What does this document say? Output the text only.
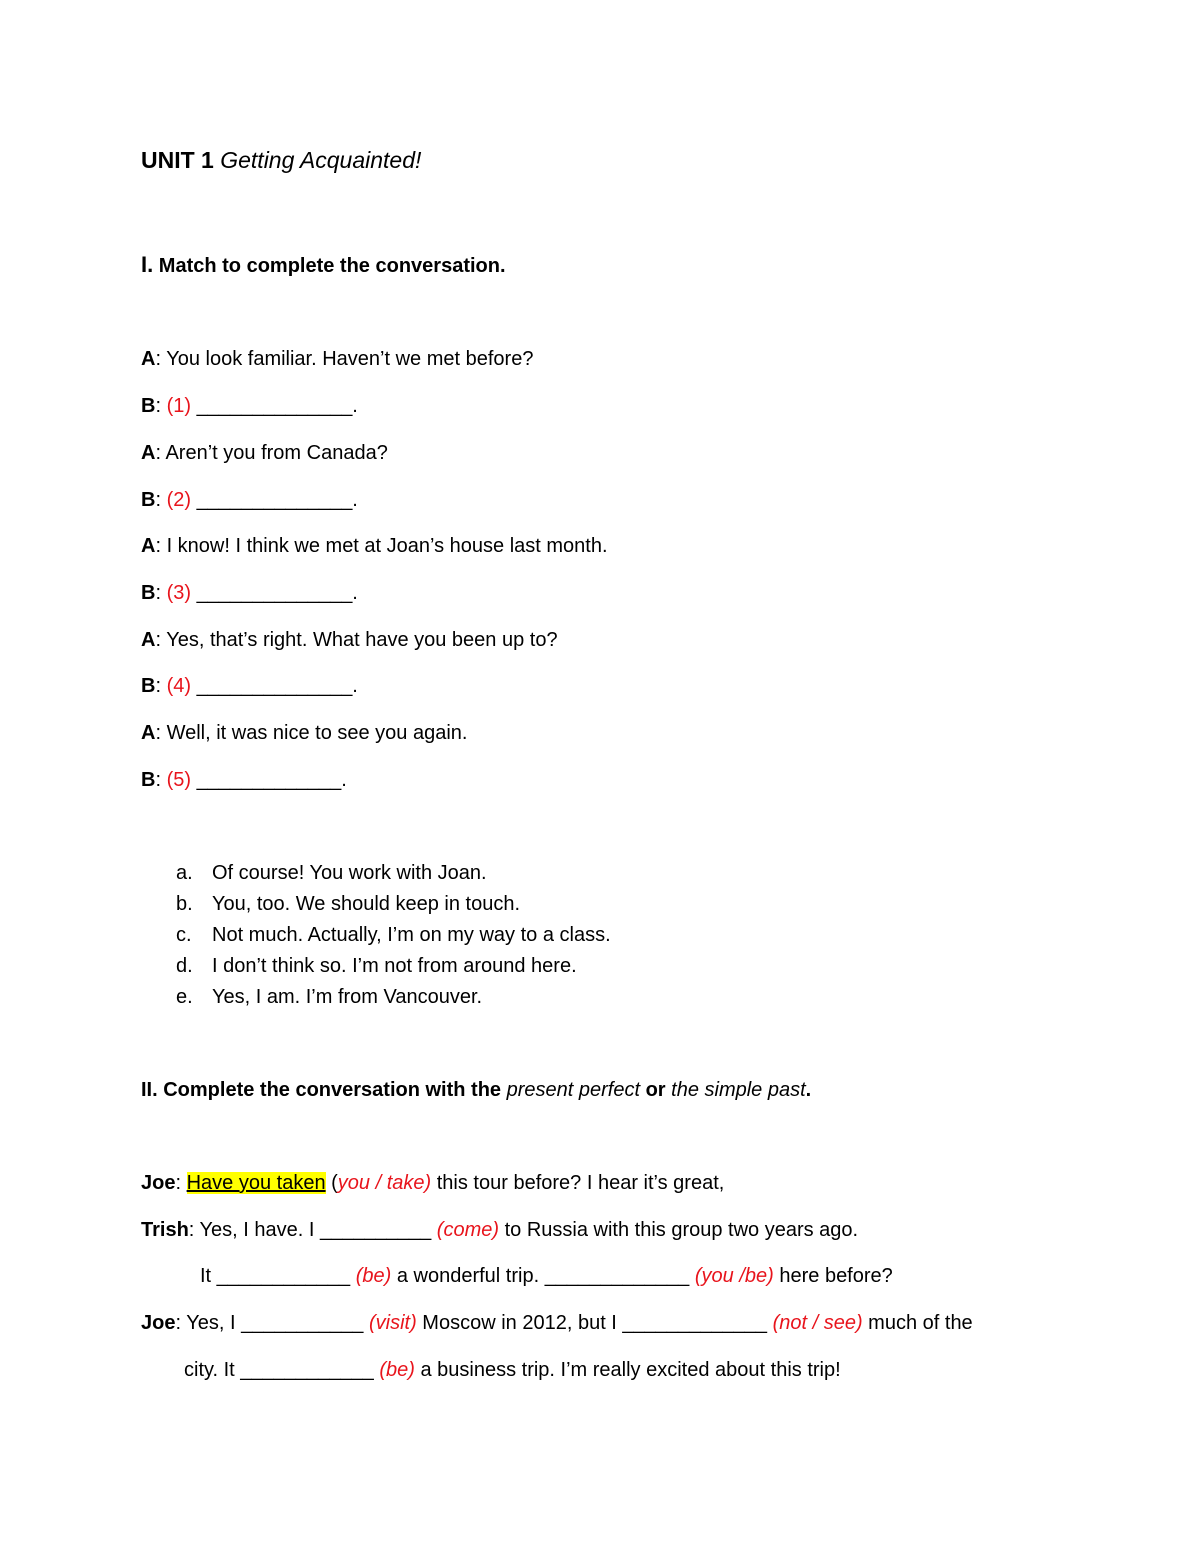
UNIT 1 Getting Acquainted!
I. Match to complete the conversation.
A: You look familiar. Haven’t we met before?
B: (1) ______________.
A: Aren’t you from Canada?
B: (2) ______________.
A: I know! I think we met at Joan’s house last month.
B: (3) ______________.
A: Yes, that’s right. What have you been up to?
B: (4) ______________.
A: Well, it was nice to see you again.
B: (5) _____________.
a. Of course! You work with Joan.
b. You, too. We should keep in touch.
c. Not much. Actually, I’m on my way to a class.
d. I don’t think so. I’m not from around here.
e. Yes, I am. I’m from Vancouver.
II. Complete the conversation with the present perfect or the simple past.
Joe: Have you taken (you / take) this tour before? I hear it’s great,
Trish: Yes, I have. I __________ (come) to Russia with this group two years ago.
It ____________ (be) a wonderful trip. _____________ (you /be) here before?
Joe: Yes, I ___________ (visit) Moscow in 2012, but I _____________ (not / see) much of the
city. It ____________ (be) a business trip. I’m really excited about this trip!
